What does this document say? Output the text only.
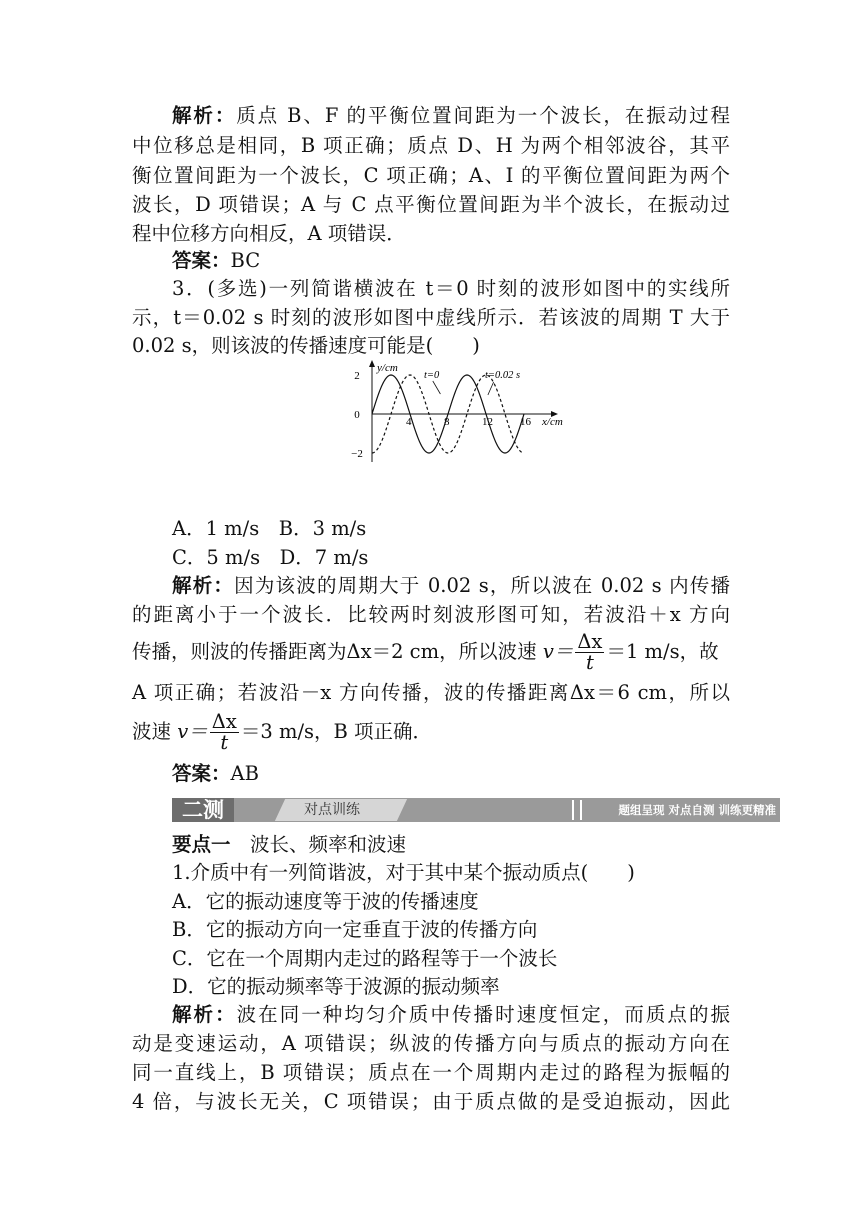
解析：质点 B、F 的平衡位置间距为一个波长，在振动过程
中位移总是相同，B 项正确；质点 D、H 为两个相邻波谷，其平
衡位置间距为一个波长，C 项正确；A、I 的平衡位置间距为两个
波长，D 项错误；A 与 C 点平衡位置间距为半个波长，在振动过
程中位移方向相反，A 项错误．
答案：BC
3．(多选)一列简谐横波在 t＝0 时刻的波形如图中的实线所
示，t＝0.02 s 时刻的波形如图中虚线所示．若该波的周期 T 大于
0.02 s，则该波的传播速度可能是(　　)
y/cm
x/cm
4	8	12 16
2
0
−2
t=0	t=0.02 s
A．1 m/s　B．3 m/s
C．5 m/s　D．7 m/s
解析：因为该波的周期大于 0.02 s，所以波在 0.02 s 内传播
的距离小于一个波长．比较两时刻波形图可知，若波沿＋x 方向
传播，则波的传播距离为Δx＝2 cm，所以波速 $v= \frac{\Delta x}{t} =1$ m/s，故
A 项正确；若波沿－x 方向传播，波的传播距离Δx＝6 cm，所以
波速 $v= \frac{\Delta x}{t} =3$ m/s，B 项正确．
答案：AB
二测	对点训练	题组呈现 对点自测 训练更精准
要点一　 波长、频率和波速
1.介质中有一列简谐波，对于其中某个振动质点(　　)
A．它的振动速度等于波的传播速度
B．它的振动方向一定垂直于波的传播方向
C．它在一个周期内走过的路程等于一个波长
D．它的振动频率等于波源的振动频率
解析：波在同一种均匀介质中传播时速度恒定，而质点的振
动是变速运动，A 项错误；纵波的传播方向与质点的振动方向在
同一直线上，B 项错误；质点在一个周期内走过的路程为振幅的
4 倍，与波长无关，C 项错误；由于质点做的是受迫振动，因此
